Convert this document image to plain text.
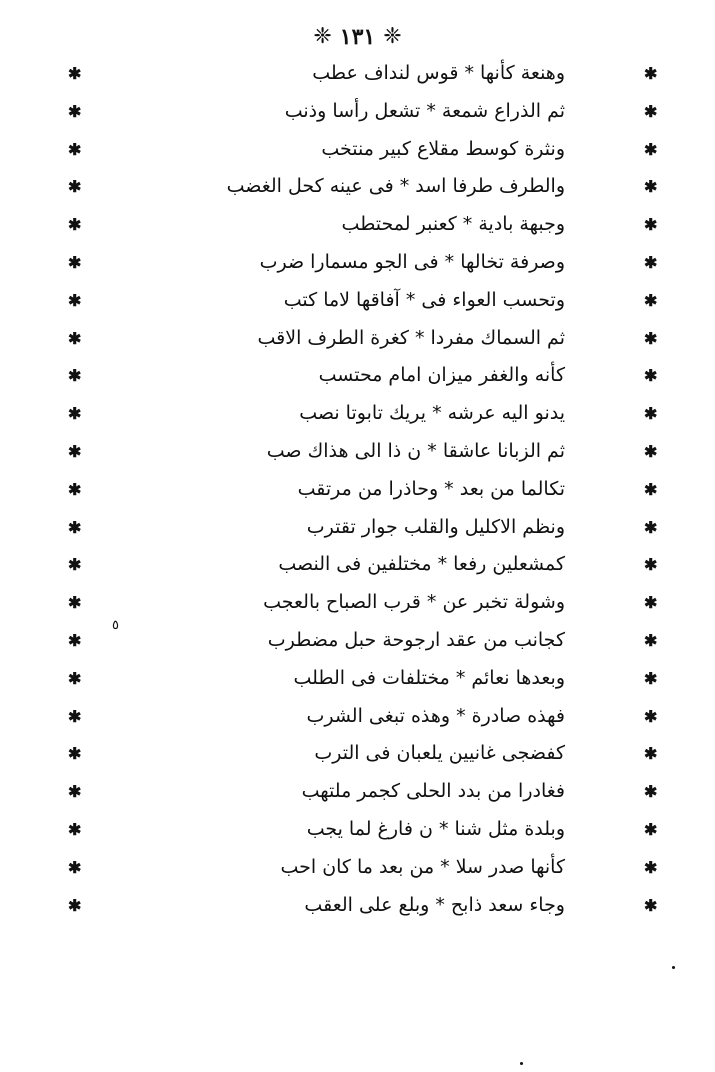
❈ ١٣١ ❈
وهنعة كأنها * قوس لنداف عطب
✱	✱
ثم الذراع شمعة * تشعل رأسا وذنب
✱	✱
ونثرة كوسط مقلاع كبير منتخب
✱	✱
والطرف طرفا اسد * فى عينه كحل الغضب
✱	✱
وجبهة بادية * كعنبر لمحتطب
✱	✱
وصرفة تخالها * فى الجو مسمارا ضرب
✱	✱
وتحسب العواء فى * آفاقها لاما كتب
✱	✱
ثم السماك مفردا * كغرة الطرف الاقب
✱	✱
كأنه والغفر ميزان امام محتسب
✱	✱
يدنو اليه عرشه * يريك تابوتا نصب
✱	✱
ثم الزبانا عاشقا * ن ذا الى هذاك صب
✱	✱
تكالما من بعد * وحاذرا من مرتقب
✱	✱
ونظم الاكليل والقلب جوار تقترب
✱	✱
كمشعلين رفعا * مختلفين فى النصب
✱	✱
وشولة تخبر عن * قرب الصباح بالعجب
✱	✱
كجانب من عقد ارجوحة حبل مضطرب
✱	✱
وبعدها نعائم * مختلفات فى الطلب
✱	✱
فهذه صادرة * وهذه تبغى الشرب
✱	✱
كفضجى غانيين يلعبان فى الترب
✱	✱
فغادرا من بدد الحلى كجمر ملتهب
✱	✱
وبلدة مثل شنا * ن فارغ لما يجب
✱	✱
كأنها صدر سلا * من بعد ما كان احب
✱	✱
وجاء سعد ذابح * وبلع على العقب
✱	✱
٥
